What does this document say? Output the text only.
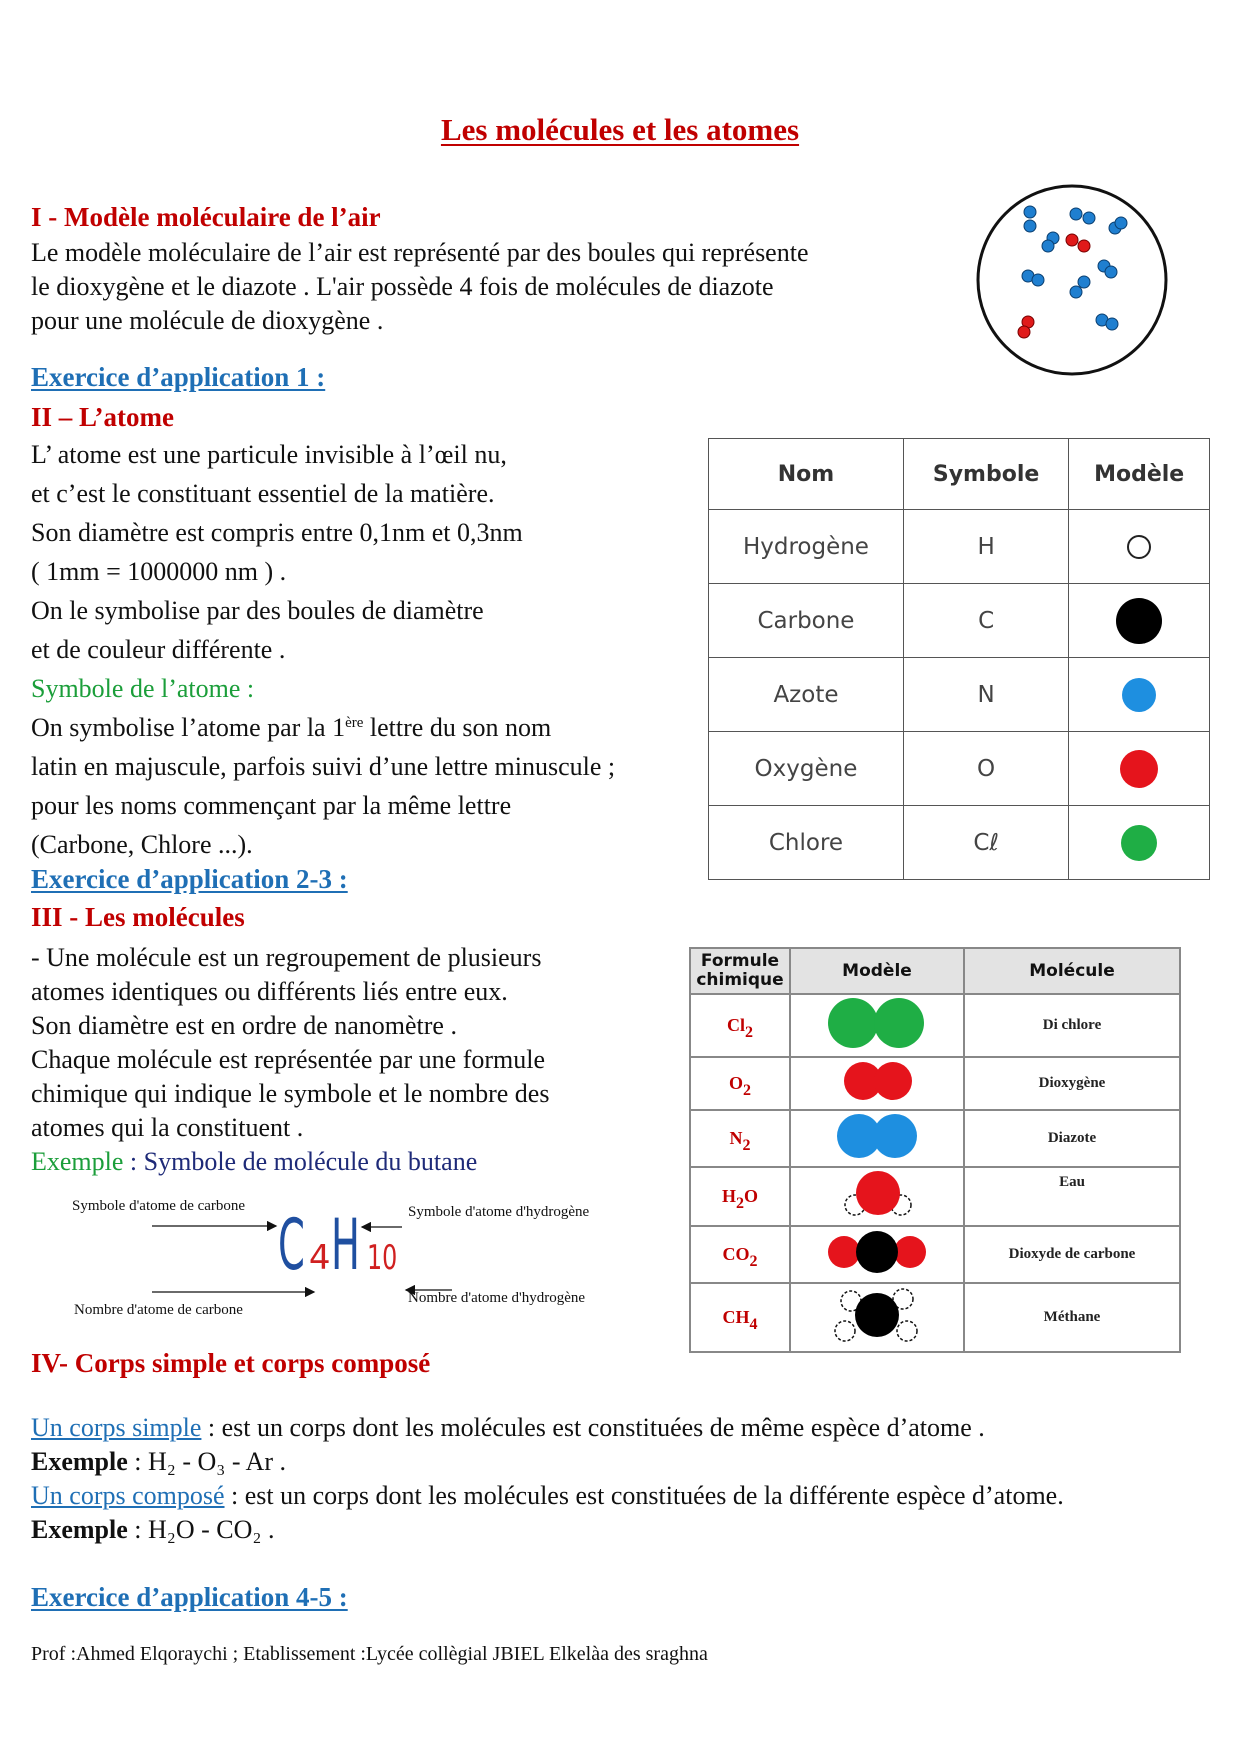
Les molécules et les atomes
I - Modèle moléculaire de l’air
Le modèle moléculaire de l’air est représenté par des boules qui représente
le dioxygène et le diazote . L'air possède 4 fois de molécules de diazote
pour une molécule de dioxygène .
Exercice d’application 1 :
II – L’atome
L’ atome est une particule invisible à l’œil nu,
et c’est le constituant essentiel de la matière.
Son diamètre est compris entre 0,1nm et 0,3nm
( 1mm = 1000000 nm ) .
On le symbolise par des boules de diamètre
et de couleur différente .
Symbole de l’atome :
On symbolise l’atome par la 1ère lettre du son nom
latin en majuscule, parfois suivi d’une lettre minuscule ;
pour les noms commençant par la même lettre
(Carbone, Chlore ...).
Nom	Symbole	Modèle
Hydrogène	H	
Carbone	C	
Azote	N	
Oxygène	O	
Chlore	Cℓ	
Exercice d’application 2-3 :
III - Les molécules
- Une molécule est un regroupement de plusieurs
atomes identiques ou différents liés entre eux.
Son diamètre est en ordre de nanomètre .
Chaque molécule est représentée par une formule
chimique qui indique le symbole et le nombre des
atomes qui la constituent .
Exemple : Symbole de molécule du butane
Symbole d'atome de carbone	Symbole d'atome d'hydrogène
Nombre d'atome de carbone
Nombre d'atome d'hydrogène
C 4H 10
Formule chimique	Modèle	Molécule
$Cl_2$		Di chlore
$O_2$		Dioxygène
$N_2$		Diazote
$H_2O$		Eau
$CO_2$		Dioxyde de carbone
$CH_4$		Méthane
IV- Corps simple et corps composé
Un corps simple : est un corps dont les molécules est constituées de même espèce d’atome .
Exemple : H₂ - O₃ - Ar .
Un corps composé : est un corps dont les molécules est constituées de la différente espèce d’atome.
Exemple : H₂O - CO₂ .
Exercice d’application 4-5 :
Prof :Ahmed Elqoraychi ; Etablissement :Lycée collègial JBIEL Elkelàa des sraghna
